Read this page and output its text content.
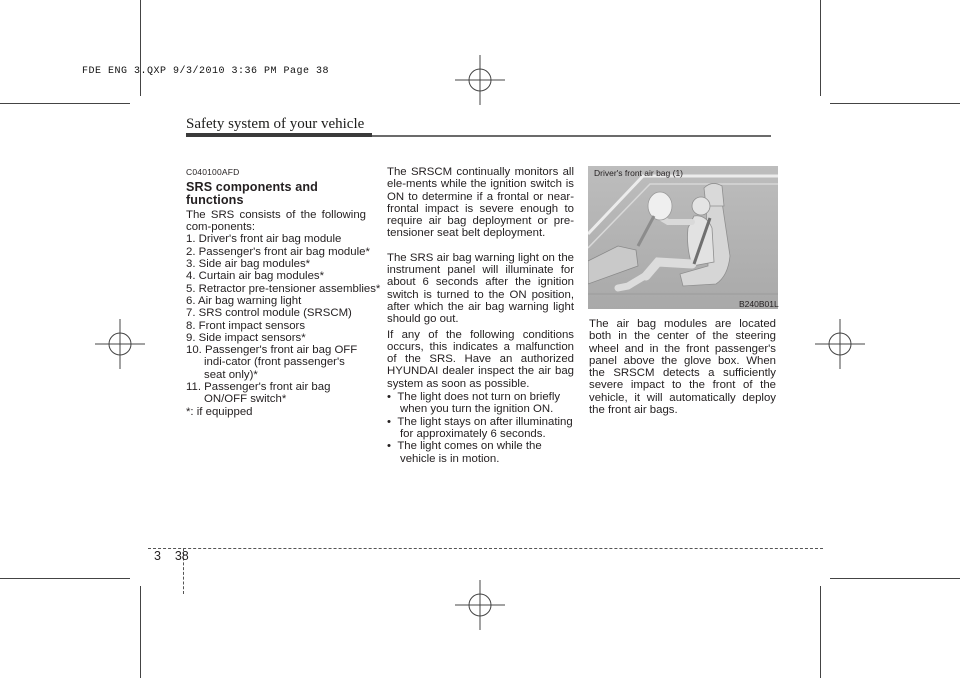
FDE ENG 3.QXP 9/3/2010 3:36 PM Page 38
Safety system of your vehicle
C040100AFD
SRS components and functions
The SRS consists of the following com-ponents:
1. Driver's front air bag module
2. Passenger's front air bag module*
3. Side air bag modules*
4. Curtain air bag modules*
5. Retractor pre-tensioner assemblies*
6. Air bag warning light
7. SRS control module (SRSCM)
8. Front impact sensors
9. Side impact sensors*
10. Passenger's front air bag OFF indi-cator (front passenger's seat only)*
11. Passenger's front air bag ON/OFF switch*
*: if equipped
The SRSCM continually monitors all ele-ments while the ignition switch is ON to determine if a frontal or near-frontal impact is severe enough to require air bag deployment or pre-tensioner seat belt deployment.
The SRS air bag warning light on the instrument panel will illuminate for about 6 seconds after the ignition switch is turned to the ON position, after which the air bag warning light should go out.
If any of the following conditions occurs, this indicates a malfunction of the SRS. Have an authorized HYUNDAI dealer inspect the air bag system as soon as possible.
•  The light does not turn on briefly when you turn the ignition ON.
•  The light stays on after illuminating for approximately 6 seconds.
•  The light comes on while the vehicle is in motion.
Driver's front air bag (1)
B240B01L
The air bag modules are located both in the center of the steering wheel and in the front passenger's panel above the glove box. When the SRSCM detects a sufficiently severe impact to the front of the vehicle, it will automatically deploy the front air bags.
3 38
